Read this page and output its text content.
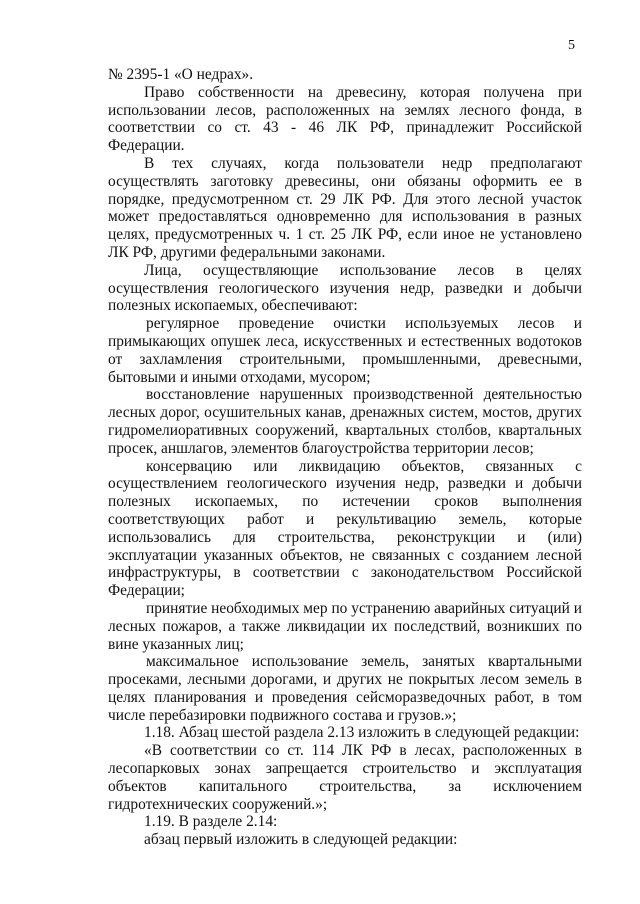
5

№ 2395-1 «О недрах».

Право собственности на древесину, которая получена при использовании лесов, расположенных на землях лесного фонда, в соответствии со ст. 43 - 46 ЛК РФ, принадлежит Российской Федерации.

В тех случаях, когда пользователи недр предполагают осуществлять заготовку древесины, они обязаны оформить ее в порядке, предусмотренном ст. 29 ЛК РФ. Для этого лесной участок может предоставляться одновременно для использования в разных целях, предусмотренных ч. 1 ст. 25 ЛК РФ, если иное не установлено ЛК РФ, другими федеральными законами.

Лица, осуществляющие использование лесов в целях осуществления геологического изучения недр, разведки и добычи полезных ископаемых, обеспечивают:

регулярное проведение очистки используемых лесов и примыкающих опушек леса, искусственных и естественных водотоков от захламления строительными, промышленными, древесными, бытовыми и иными отходами, мусором;

восстановление нарушенных производственной деятельностью лесных дорог, осушительных канав, дренажных систем, мостов, других гидромелиоративных сооружений, квартальных столбов, квартальных просек, аншлагов, элементов благоустройства территории лесов;

консервацию или ликвидацию объектов, связанных с осуществлением геологического изучения недр, разведки и добычи полезных ископаемых, по истечении сроков выполнения соответствующих работ и рекультивацию земель, которые использовались для строительства, реконструкции и (или) эксплуатации указанных объектов, не связанных с созданием лесной инфраструктуры, в соответствии с законодательством Российской Федерации;

принятие необходимых мер по устранению аварийных ситуаций и лесных пожаров, а также ликвидации их последствий, возникших по вине указанных лиц;

максимальное использование земель, занятых квартальными просеками, лесными дорогами, и других не покрытых лесом земель в целях планирования и проведения сейсморазведочных работ, в том числе перебазировки подвижного состава и грузов.»;

1.18. Абзац шестой раздела 2.13 изложить в следующей редакции:

«В соответствии со ст. 114 ЛК РФ в лесах, расположенных в лесопарковых зонах запрещается строительство и эксплуатация объектов капитального строительства, за исключением гидротехнических сооружений.»;

1.19. В разделе 2.14:

абзац первый изложить в следующей редакции:
